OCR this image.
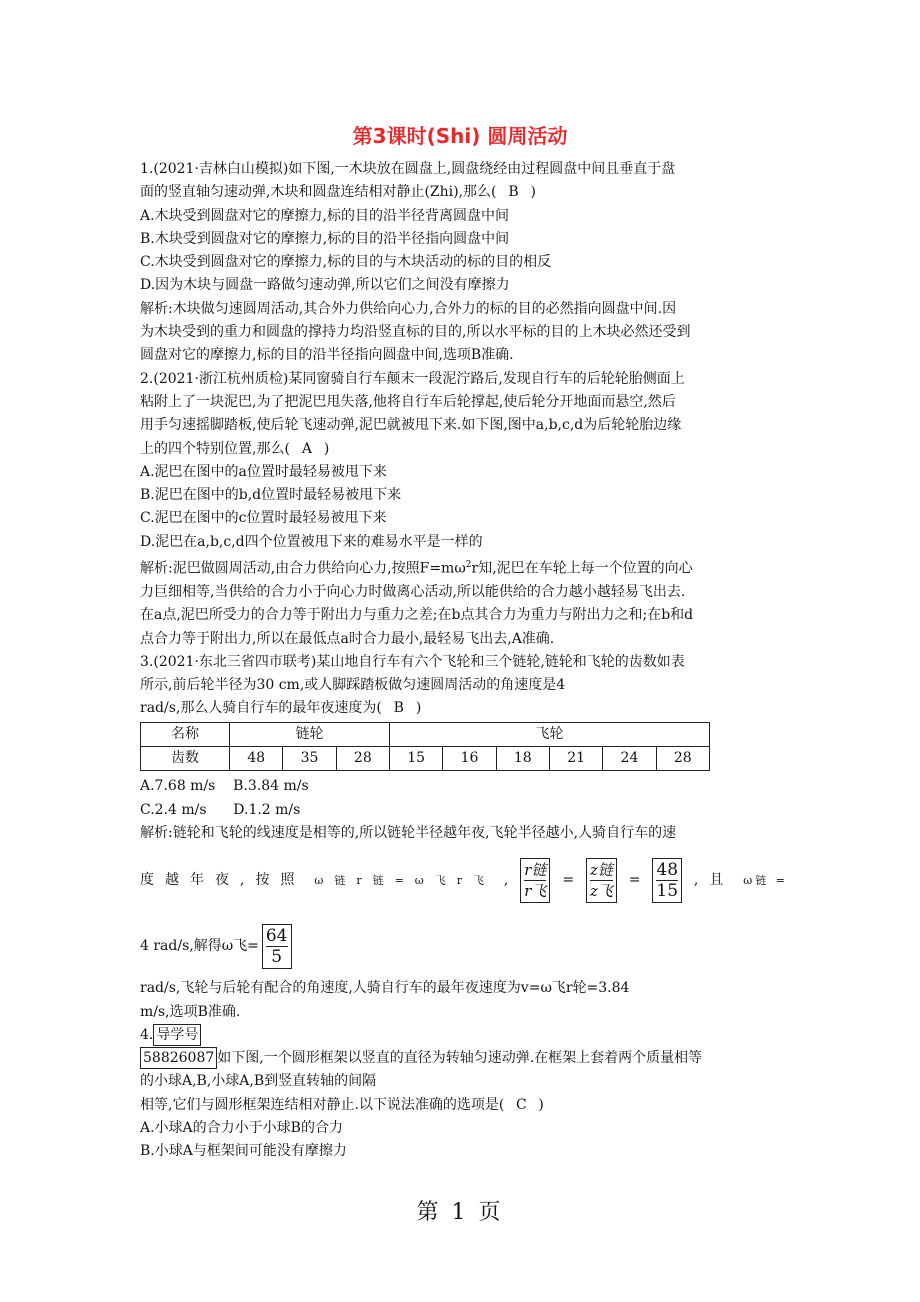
第3课时(Shi) 圆周活动

1.(2021·吉林白山模拟)如下图,一木块放在圆盘上,圆盘绕经由过程圆盘中间且垂直于盘

面的竖直轴匀速动弹,木块和圆盘连结相对静止(Zhi),那么( B )

A.木块受到圆盘对它的摩擦力,标的目的沿半径背离圆盘中间

B.木块受到圆盘对它的摩擦力,标的目的沿半径指向圆盘中间

C.木块受到圆盘对它的摩擦力,标的目的与木块活动的标的目的相反

D.因为木块与圆盘一路做匀速动弹,所以它们之间没有摩擦力

解析:木块做匀速圆周活动,其合外力供给向心力,合外力的标的目的必然指向圆盘中间.因

为木块受到的重力和圆盘的撑持力均沿竖直标的目的,所以水平标的目的上木块必然还受到

圆盘对它的摩擦力,标的目的沿半径指向圆盘中间,选项B准确.

2.(2021·浙江杭州质检)某同窗骑自行车颠末一段泥泞路后,发现自行车的后轮轮胎侧面上

粘附上了一块泥巴,为了把泥巴甩失落,他将自行车后轮撑起,使后轮分开地面而悬空,然后

用手匀速摇脚踏板,使后轮飞速动弹,泥巴就被甩下来.如下图,图中a,b,c,d为后轮轮胎边缘

上的四个特别位置,那么( A )

A.泥巴在图中的a位置时最轻易被甩下来

B.泥巴在图中的b,d位置时最轻易被甩下来

C.泥巴在图中的c位置时最轻易被甩下来

D.泥巴在a,b,c,d四个位置被甩下来的难易水平是一样的

解析:泥巴做圆周活动,由合力供给向心力,按照$F=m\omega^2r$知,泥巴在车轮上每一个位置的向心

力巨细相等,当供给的合力小于向心力时做离心活动,所以能供给的合力越小越轻易飞出去.

在a点,泥巴所受力的合力等于附出力与重力之差;在b点其合力为重力与附出力之和;在b和d

点合力等于附出力,所以在最低点a时合力最小,最轻易飞出去,A准确.

3.(2021·东北三省四市联考)某山地自行车有六个飞轮和三个链轮,链轮和飞轮的齿数如表

所示,前后轮半径为30 cm,或人脚踩踏板做匀速圆周活动的角速度是4

rad/s,那么人骑自行车的最年夜速度为( B )

名称	链轮			飞轮					
齿数	48	35	28	15	16	18	21	24	28

A.7.68 m/s B.3.84 m/s

C.2.4 m/s D.1.2 m/s

解析:链轮和飞轮的线速度是相等的,所以链轮半径越年夜,飞轮半径越小,人骑自行车的速

度越年夜,按照 ω链r链=ω飞r飞 , $\frac{\text{r链}}{\text{r飞}} = \frac{\text{z链}}{\text{z飞}} = \frac{48}{15}$ ,且 ω链 =
4 rad/s,解得ω飞= $\frac{64}{5}$

rad/s,飞轮与后轮有配合的角速度,人骑自行车的最年夜速度为v=ω飞r轮=3.84

m/s,选项B准确.

4. 导学号

58826087 如下图,一个圆形框架以竖直的直径为转轴匀速动弹.在框架上套着两个质量相等

的小球A,B,小球A,B到竖直转轴的间隔

相等,它们与圆形框架连结相对静止.以下说法准确的选项是( C )

A.小球A的合力小于小球B的合力

B.小球A与框架间可能没有摩擦力

第 1 页
